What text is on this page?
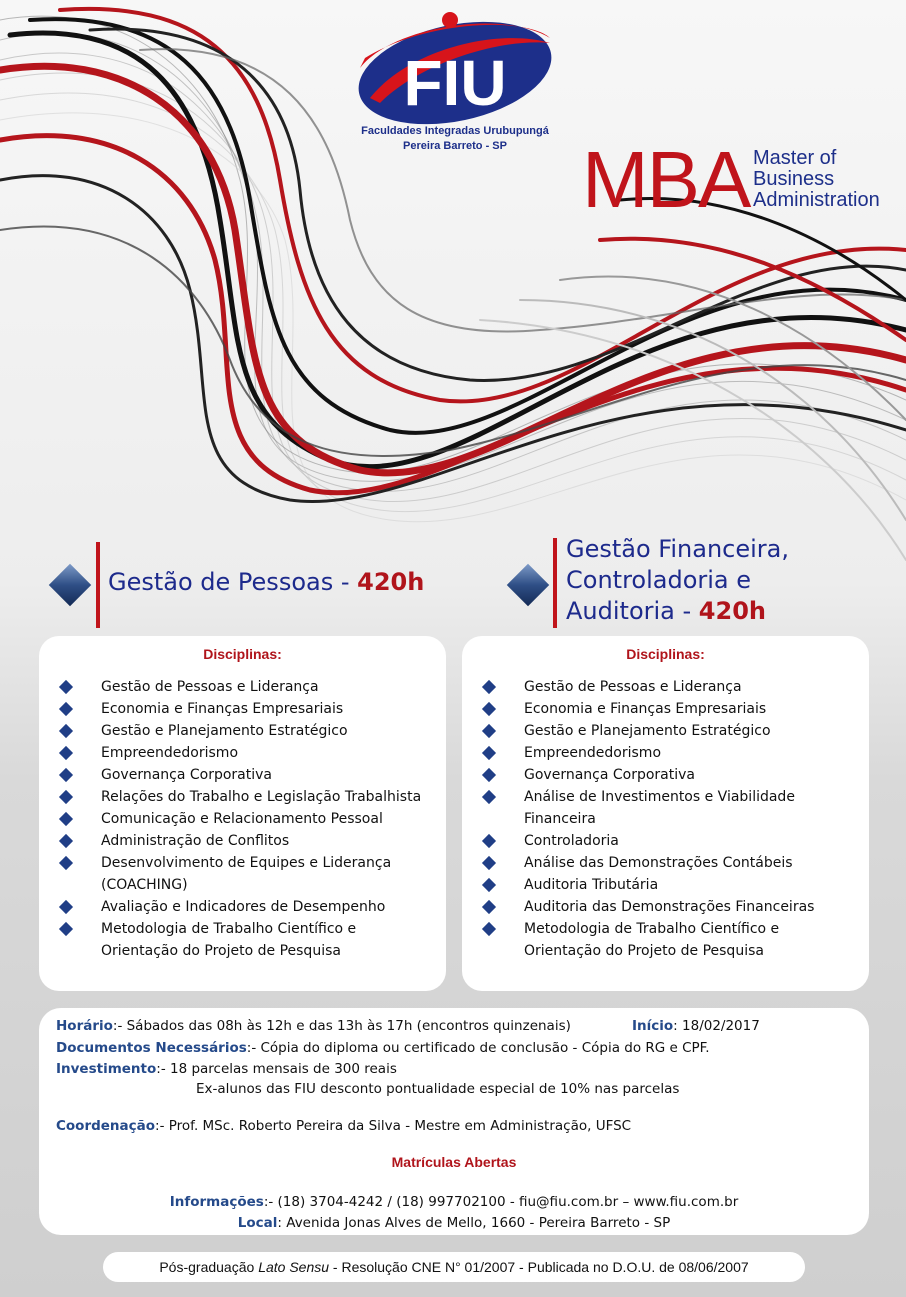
FIU
Faculdades Integradas Urubupungá
Pereira Barreto - SP MBA Master of
Business
Administration
Gestão de Pessoas - 420h
Gestão Financeira,
Controladoria e
Auditoria - 420h
Disciplinas:
Gestão de Pessoas e Liderança
Economia e Finanças Empresariais
Gestão e Planejamento Estratégico
Empreendedorismo
Governança Corporativa
Relações do Trabalho e Legislação Trabalhista
Comunicação e Relacionamento Pessoal
Administração de Conflitos
Desenvolvimento de Equipes e Liderança (COACHING)
Avaliação e Indicadores de Desempenho
Metodologia de Trabalho Científico e Orientação do Projeto de Pesquisa
Disciplinas:
Gestão de Pessoas e Liderança
Economia e Finanças Empresariais
Gestão e Planejamento Estratégico
Empreendedorismo
Governança Corporativa
Análise de Investimentos e Viabilidade Financeira
Controladoria
Análise das Demonstrações Contábeis
Auditoria Tributária
Auditoria das Demonstrações Financeiras
Metodologia de Trabalho Científico e Orientação do Projeto de Pesquisa
Horário:- Sábados das 08h às 12h e das 13h às 17h (encontros quinzenais)	Início: 18/02/2017
Documentos Necessários:- Cópia do diploma ou certificado de conclusão - Cópia do RG e CPF.
Investimento:- 18 parcelas mensais de 300 reais
Ex-alunos das FIU desconto pontualidade especial de 10% nas parcelas
Coordenação:- Prof. MSc. Roberto Pereira da Silva - Mestre em Administração, UFSC
Matrículas Abertas
Informações:- (18) 3704-4242 / (18) 997702100 - fiu@fiu.com.br – www.fiu.com.br
Local: Avenida Jonas Alves de Mello, 1660 - Pereira Barreto - SP
Pós-graduação Lato Sensu - Resolução CNE N° 01/2007 - Publicada no D.O.U. de 08/06/2007
